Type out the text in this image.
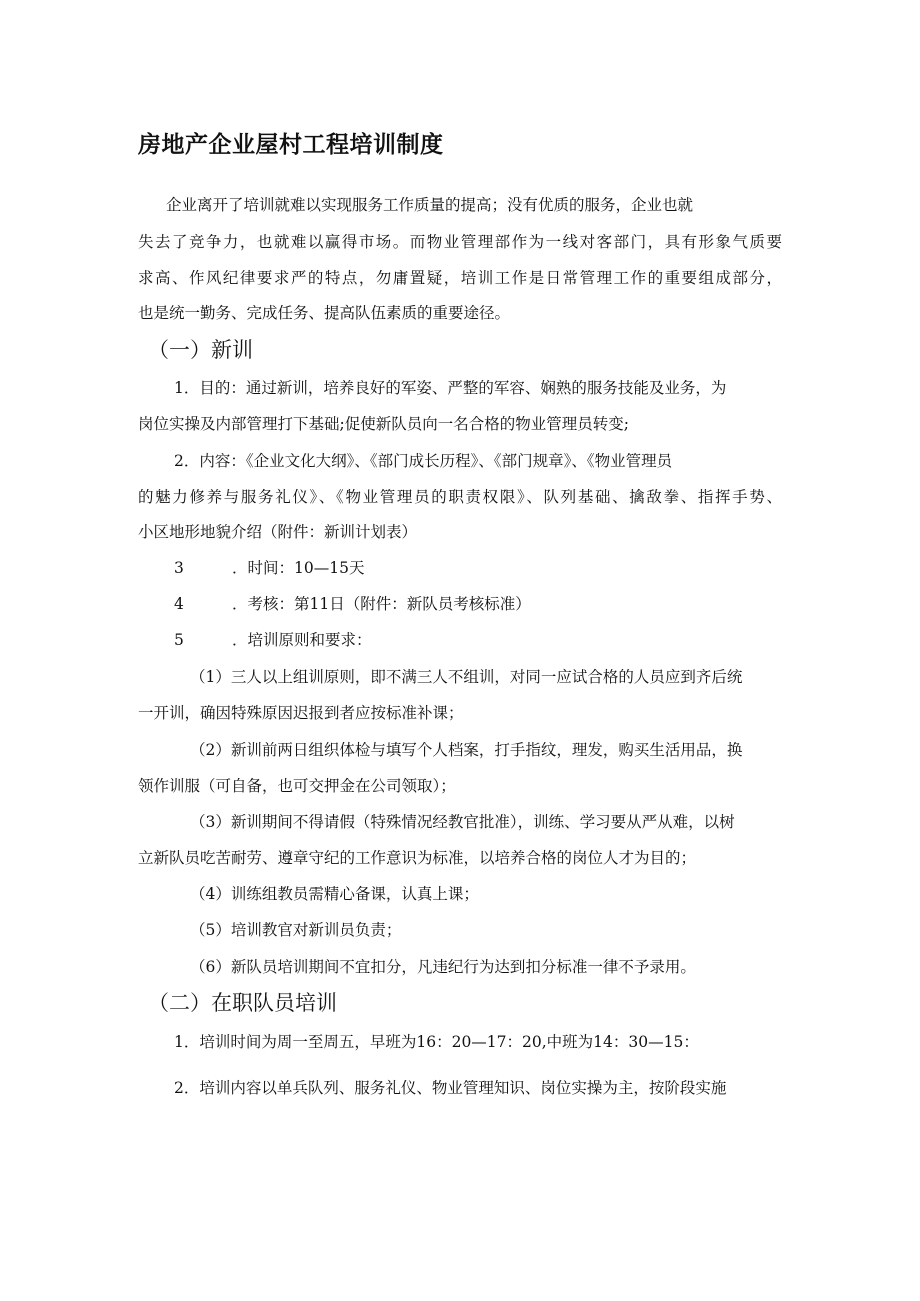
房地产企业屋村工程培训制度
企业离开了培训就难以实现服务工作质量的提高；没有优质的服务，企业也就
失去了竞争力，也就难以赢得市场。而物业管理部作为一线对客部门，具有形象气质要
求高、作风纪律要求严的特点，勿庸置疑，培训工作是日常管理工作的重要组成部分，
也是统一勤务、完成任务、提高队伍素质的重要途径。
（一）新训
1．目的：通过新训，培养良好的军姿、严整的军容、娴熟的服务技能及业务，为
岗位实操及内部管理打下基础;促使新队员向一名合格的物业管理员转变;
2．内容：《企业文化大纲》、《部门成长历程》、《部门规章》、《物业管理员
的魅力修养与服务礼仪》、《物业管理员的职责权限》、队列基础、擒敌拳、指挥手势、
小区地形地貌介绍（附件：新训计划表）
3	．时间：10—15天
4	．考核：第11日（附件：新队员考核标准）
5	．培训原则和要求：
（1）三人以上组训原则，即不满三人不组训，对同一应试合格的人员应到齐后统
一开训，确因特殊原因迟报到者应按标准补课；
（2）新训前两日组织体检与填写个人档案，打手指纹，理发，购买生活用品，换
领作训服（可自备，也可交押金在公司领取）；
（3）新训期间不得请假（特殊情况经教官批准），训练、学习要从严从难，以树
立新队员吃苦耐劳、遵章守纪的工作意识为标准，以培养合格的岗位人才为目的；
（4）训练组教员需精心备课，认真上课；
（5）培训教官对新训员负责；
（6）新队员培训期间不宜扣分，凡违纪行为达到扣分标准一律不予录用。
（二）在职队员培训
1．培训时间为周一至周五，早班为16：20—17：20,中班为14：30—15：
2．培训内容以单兵队列、服务礼仪、物业管理知识、岗位实操为主，按阶段实施
